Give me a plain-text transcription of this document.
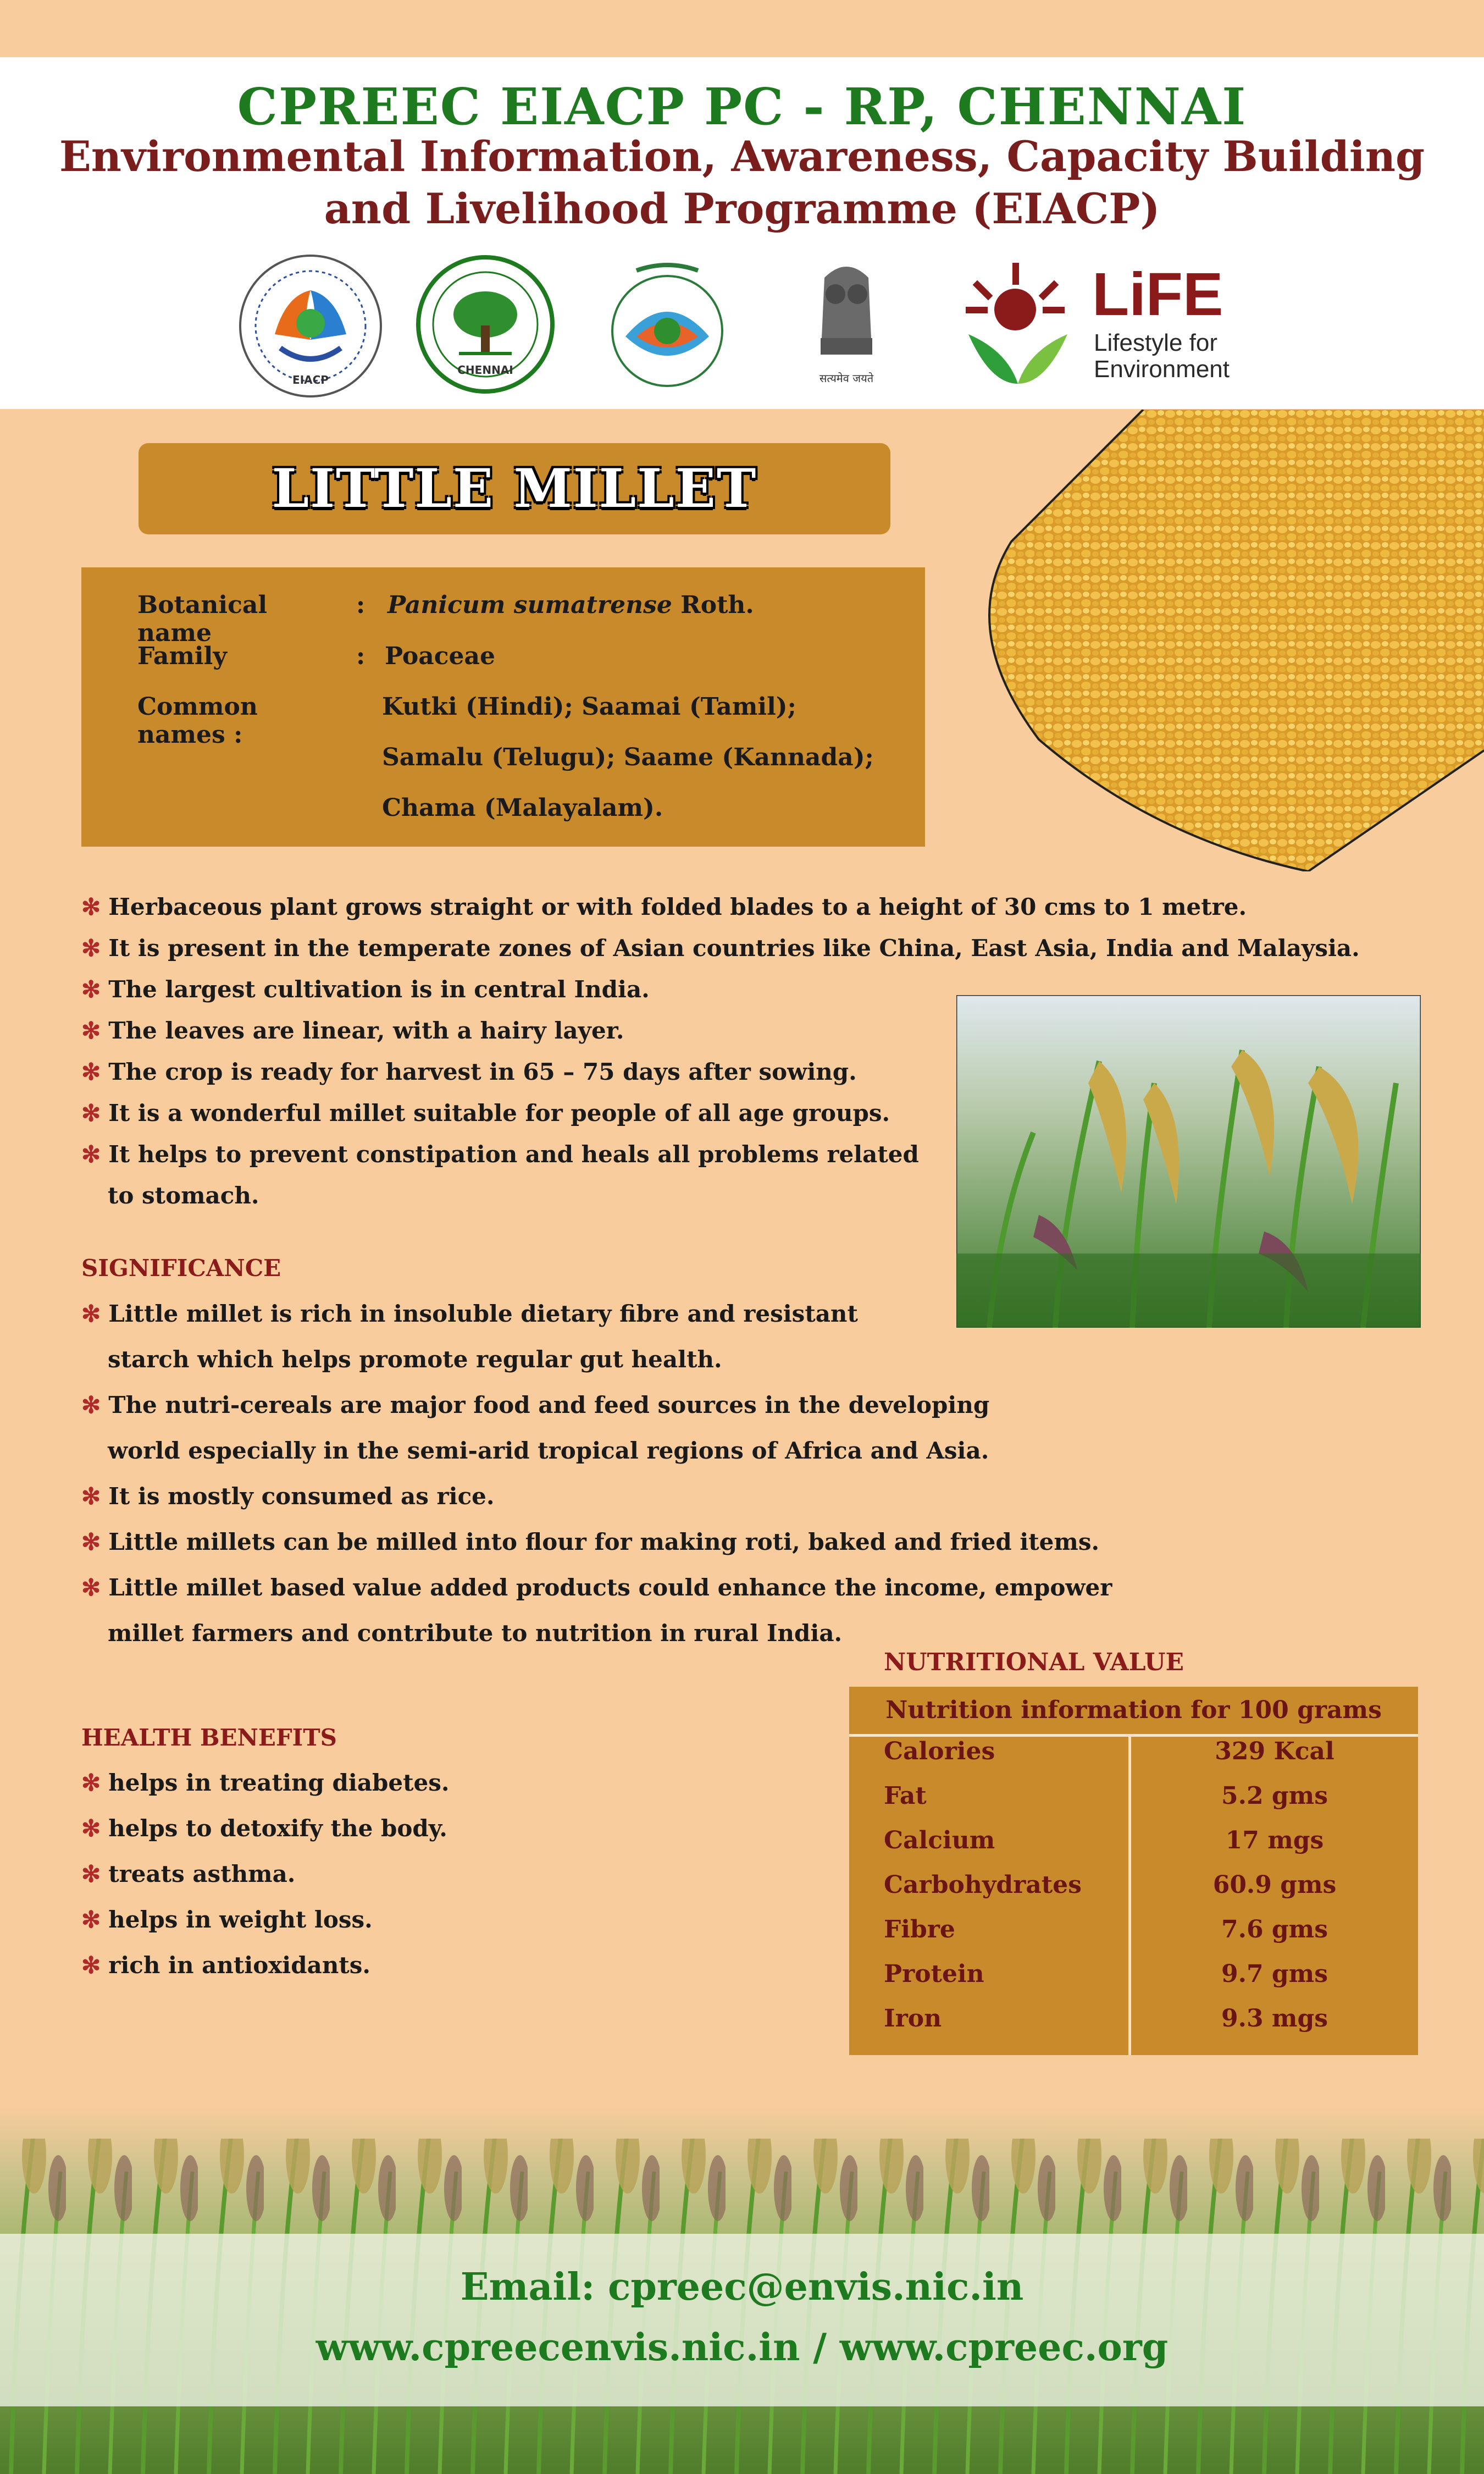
CPREEC EIACP PC - RP, CHENNAI
Environmental Information, Awareness, Capacity Building
and Livelihood Programme (EIACP)
EIACP
CHENNAI
सत्यमेव जयते
LiFE
Lifestyle for
Environment
LITTLE MILLET
Botanical name
: Panicum sumatrense Roth.
Family	: Poaceae
Common names :
Kutki (Hindi); Saamai (Tamil);
Samalu (Telugu); Saame (Kannada);
Chama (Malayalam).
✻ Herbaceous plant grows straight or with folded blades to a height of 30 cms to 1 metre.
✻ It is present in the temperate zones of Asian countries like China, East Asia, India and Malaysia.
✻ The largest cultivation is in central India.
✻ The leaves are linear, with a hairy layer.
✻ The crop is ready for harvest in 65 – 75 days after sowing.
✻ It is a wonderful millet suitable for people of all age groups.
✻ It helps to prevent constipation and heals all problems related
to stomach.
SIGNIFICANCE
✻ Little millet is rich in insoluble dietary fibre and resistant
starch which helps promote regular gut health.
✻ The nutri-cereals are major food and feed sources in the developing
world especially in the semi-arid tropical regions of Africa and Asia.
✻ It is mostly consumed as rice.
✻ Little millets can be milled into flour for making roti, baked and fried items.
✻ Little millet based value added products could enhance the income, empower
millet farmers and contribute to nutrition in rural India.
HEALTH BENEFITS
✻ helps in treating diabetes.
✻ helps to detoxify the body.
✻ treats asthma.
✻ helps in weight loss.
✻ rich in antioxidants.
NUTRITIONAL VALUE
Nutrition information for 100 grams
Calories	329 Kcal
Fat	5.2 gms
Calcium	17 mgs
Carbohydrates	60.9 gms
Fibre	7.6 gms
Protein	9.7 gms
Iron	9.3 mgs
Email: cpreec@envis.nic.in
www.cpreecenvis.nic.in / www.cpreec.org
